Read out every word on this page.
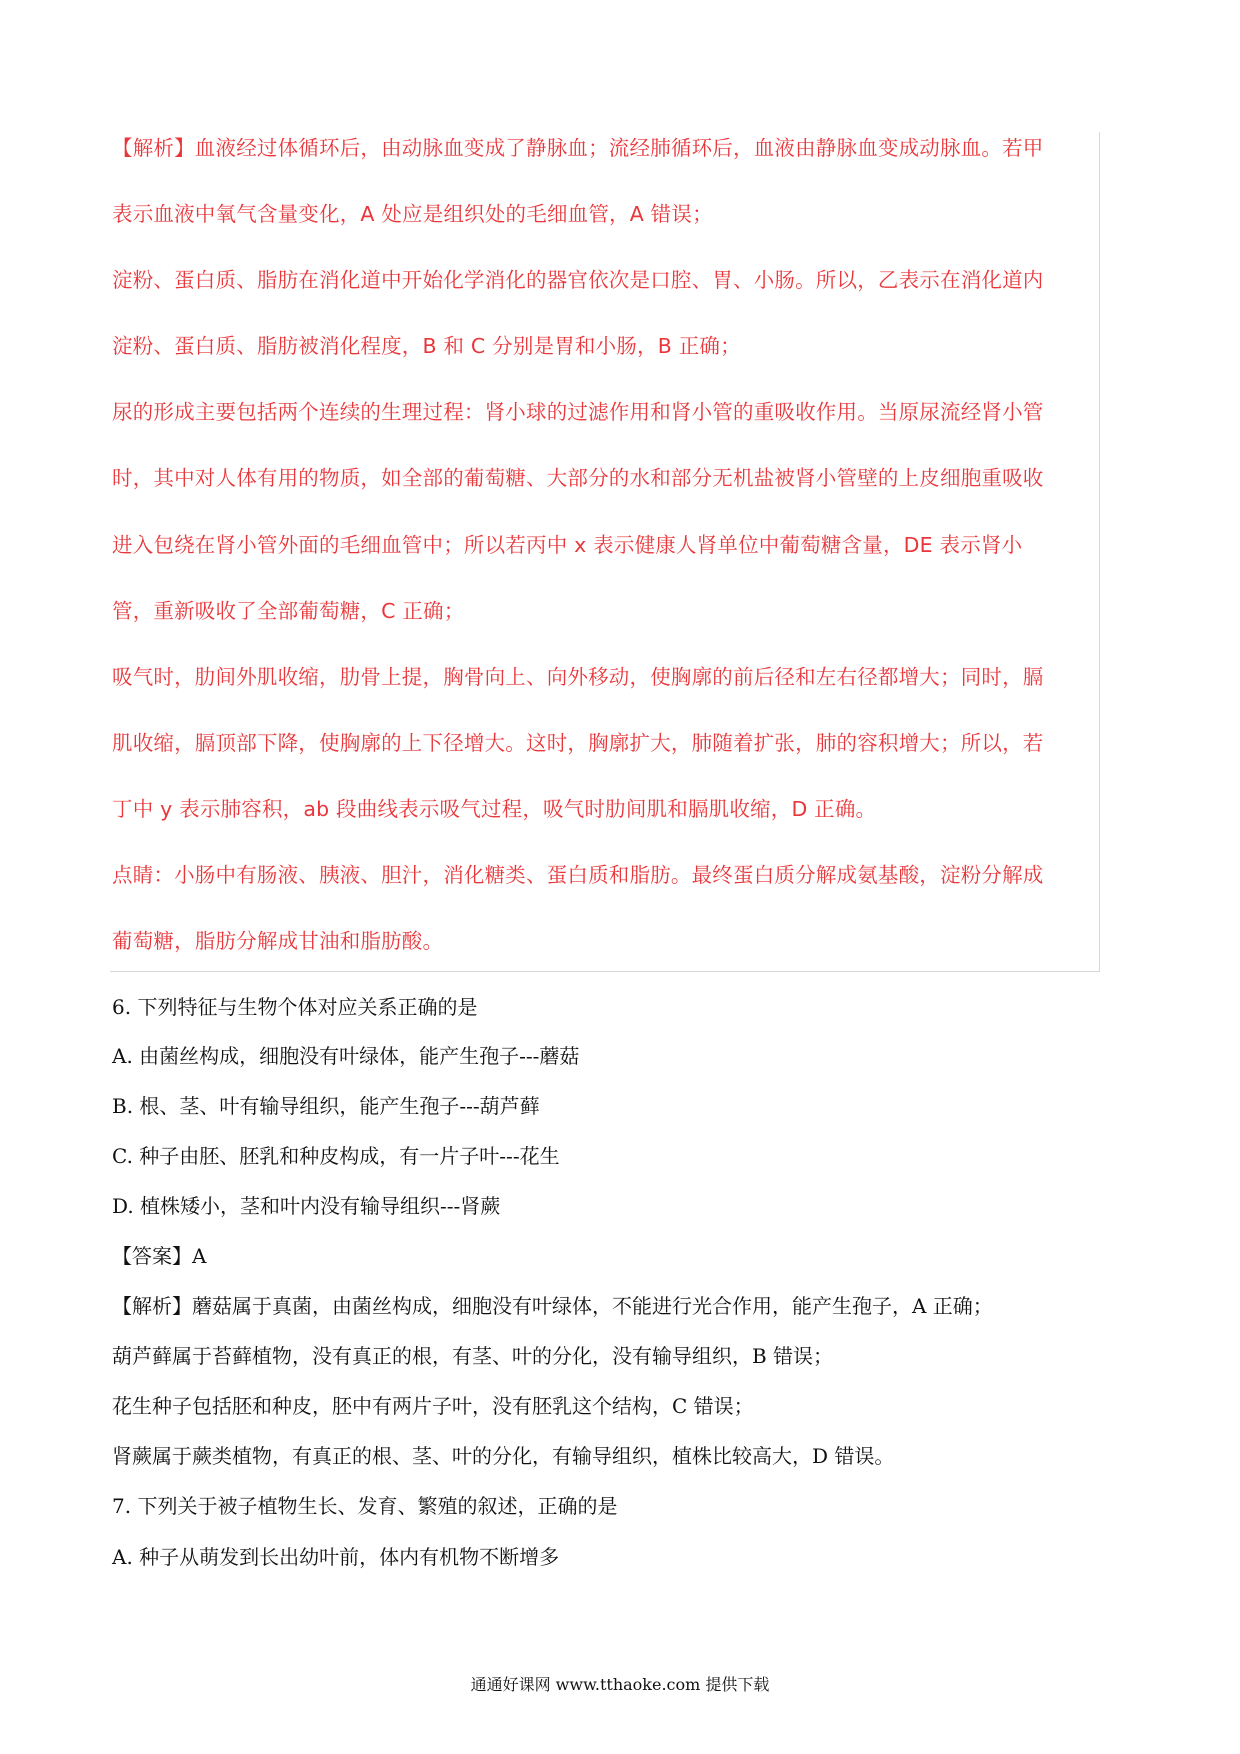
【解析】血液经过体循环后，由动脉血变成了静脉血；流经肺循环后，血液由静脉血变成动脉血。若甲
表示血液中氧气含量变化，A 处应是组织处的毛细血管，A 错误；
淀粉、蛋白质、脂肪在消化道中开始化学消化的器官依次是口腔、胃、小肠。所以，乙表示在消化道内
淀粉、蛋白质、脂肪被消化程度，B 和 C 分别是胃和小肠，B 正确；
尿的形成主要包括两个连续的生理过程：肾小球的过滤作用和肾小管的重吸收作用。当原尿流经肾小管
时，其中对人体有用的物质，如全部的葡萄糖、大部分的水和部分无机盐被肾小管壁的上皮细胞重吸收
进入包绕在肾小管外面的毛细血管中；所以若丙中 x 表示健康人肾单位中葡萄糖含量，DE 表示肾小
管，重新吸收了全部葡萄糖，C 正确；
吸气时，肋间外肌收缩，肋骨上提，胸骨向上、向外移动，使胸廓的前后径和左右径都增大；同时，膈
肌收缩，膈顶部下降，使胸廓的上下径增大。这时，胸廓扩大，肺随着扩张，肺的容积增大；所以，若
丁中 y 表示肺容积，ab 段曲线表示吸气过程，吸气时肋间肌和膈肌收缩，D 正确。
点睛：小肠中有肠液、胰液、胆汁，消化糖类、蛋白质和脂肪。最终蛋白质分解成氨基酸，淀粉分解成
葡萄糖，脂肪分解成甘油和脂肪酸。
6. 下列特征与生物个体对应关系正确的是
A. 由菌丝构成，细胞没有叶绿体，能产生孢子---蘑菇
B. 根、茎、叶有输导组织，能产生孢子---葫芦藓
C. 种子由胚、胚乳和种皮构成，有一片子叶---花生
D. 植株矮小，茎和叶内没有输导组织---肾蕨
【答案】A
【解析】蘑菇属于真菌，由菌丝构成，细胞没有叶绿体，不能进行光合作用，能产生孢子，A 正确；
葫芦藓属于苔藓植物，没有真正的根，有茎、叶的分化，没有输导组织，B 错误；
花生种子包括胚和种皮，胚中有两片子叶，没有胚乳这个结构，C 错误；
肾蕨属于蕨类植物，有真正的根、茎、叶的分化，有输导组织，植株比较高大，D 错误。
7. 下列关于被子植物生长、发育、繁殖的叙述，正确的是
A. 种子从萌发到长出幼叶前，体内有机物不断增多
通通好课网 www.tthaoke.com 提供下载
